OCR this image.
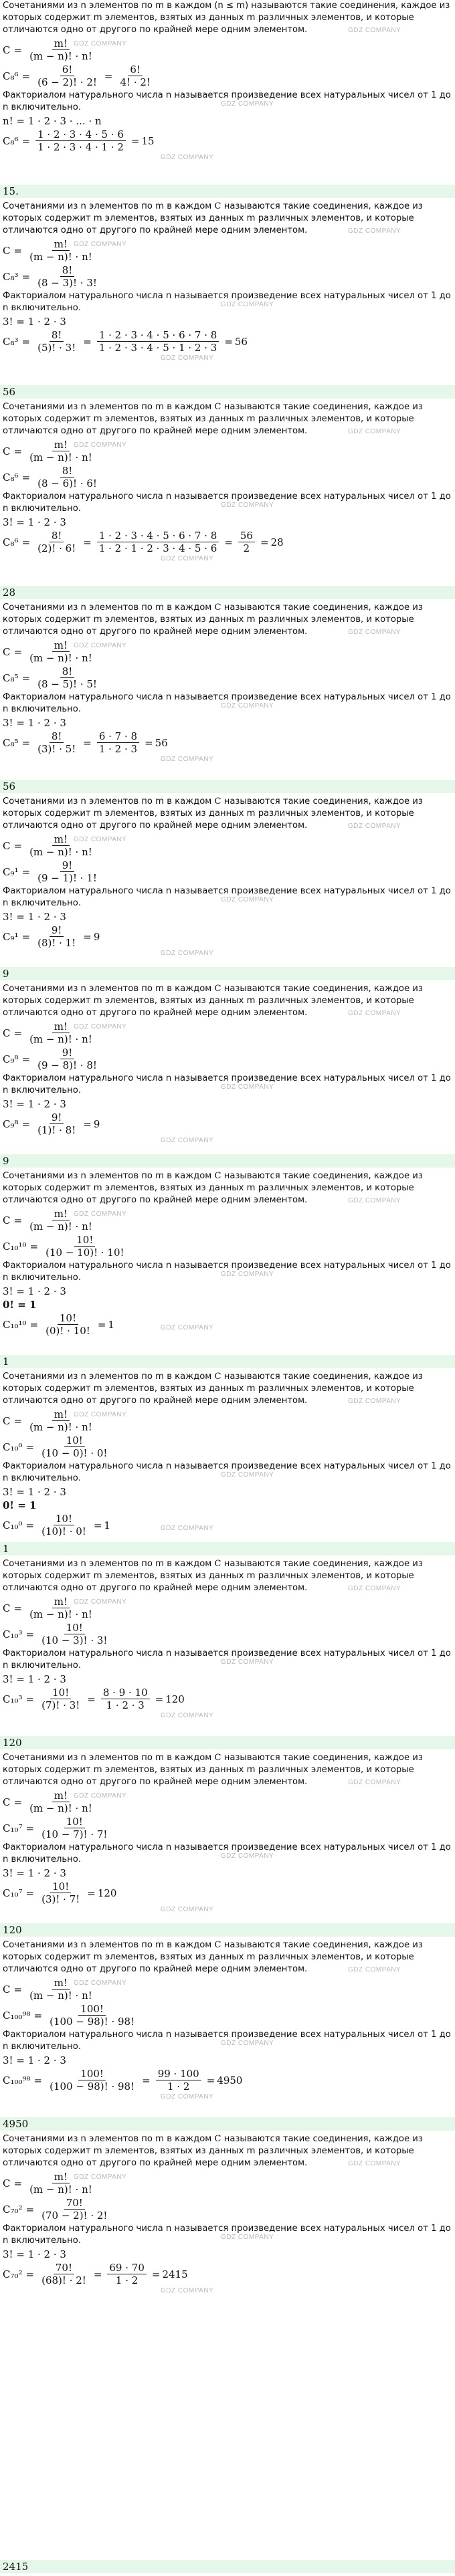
Сочетаниями из n элементов по m в каждом (n ≤ m) называются такие соединения, каждое из которых содержит m элементов, взятых из данных m различных элементов, и которые отличаются одно от другого по крайней мере одним элементом.

$C = \frac{m!}{(m - n)! \cdot n!}$
$C_8^6 = \frac{6!}{(6 - 2)! \cdot 2!} = \frac{6!}{4! \cdot 2!}$

Факториалом натурального числа n называется произведение всех натуральных чисел от 1 до n включительно.

n! = 1 · 2 · 3 · ... · n
$C_8^6 = \frac{1 \cdot 2 \cdot 3 \cdot 4 \cdot 5 \cdot 6}{1 \cdot 2 \cdot 3 \cdot 4 \cdot 1 \cdot 2} = 15$
15.
GDZ COMPANY
GDZ COMPANY
GDZ COMPANY
GDZ COMPANY

Сочетаниями из n элементов по m в каждом C называются такие соединения, каждое из которых содержит m элементов, взятых из данных m различных элементов, и которые отличаются одно от другого по крайней мере одним элементом.

$C = \frac{m!}{(m - n)! \cdot n!}$
$C_8^3 = \frac{8!}{(8 - 3)! \cdot 3!}$

Факториалом натурального числа n называется произведение всех натуральных чисел от 1 до n включительно.

3! = 1 · 2 · 3
$C_8^3 = \frac{8!}{(5)! \cdot 3!} = \frac{1 \cdot 2 \cdot 3 \cdot 4 \cdot 5 \cdot 6 \cdot 7 \cdot 8}{1 \cdot 2 \cdot 3 \cdot 4 \cdot 5 \cdot 1 \cdot 2 \cdot 3} = 56$
56
GDZ COMPANY
GDZ COMPANY
GDZ COMPANY
GDZ COMPANY

Сочетаниями из n элементов по m в каждом C называются такие соединения, каждое из которых содержит m элементов, взятых из данных m различных элементов, и которые отличаются одно от другого по крайней мере одним элементом.

$C = \frac{m!}{(m - n)! \cdot n!}$
$C_8^6 = \frac{8!}{(8 - 6)! \cdot 6!}$

Факториалом натурального числа n называется произведение всех натуральных чисел от 1 до n включительно.

3! = 1 · 2 · 3
$C_8^6 = \frac{8!}{(2)! \cdot 6!} = \frac{1 \cdot 2 \cdot 3 \cdot 4 \cdot 5 \cdot 6 \cdot 7 \cdot 8}{1 \cdot 2 \cdot 1 \cdot 2 \cdot 3 \cdot 4 \cdot 5 \cdot 6} = \frac{56}{2} = 28$
28
GDZ COMPANY
GDZ COMPANY
GDZ COMPANY
GDZ COMPANY

Сочетаниями из n элементов по m в каждом C называются такие соединения, каждое из которых содержит m элементов, взятых из данных m различных элементов, и которые отличаются одно от другого по крайней мере одним элементом.

$C = \frac{m!}{(m - n)! \cdot n!}$
$C_8^5 = \frac{8!}{(8 - 5)! \cdot 5!}$

Факториалом натурального числа n называется произведение всех натуральных чисел от 1 до n включительно.

3! = 1 · 2 · 3
$C_8^5 = \frac{8!}{(3)! \cdot 5!} = \frac{6 \cdot 7 \cdot 8}{1 \cdot 2 \cdot 3} = 56$
56
GDZ COMPANY
GDZ COMPANY
GDZ COMPANY
GDZ COMPANY

Сочетаниями из n элементов по m в каждом C называются такие соединения, каждое из которых содержит m элементов, взятых из данных m различных элементов, и которые отличаются одно от другого по крайней мере одним элементом.

$C = \frac{m!}{(m - n)! \cdot n!}$
$C_9^1 = \frac{9!}{(9 - 1)! \cdot 1!}$

Факториалом натурального числа n называется произведение всех натуральных чисел от 1 до n включительно.

3! = 1 · 2 · 3
$C_9^1 = \frac{9!}{(8)! \cdot 1!} = 9$
9
GDZ COMPANY
GDZ COMPANY
GDZ COMPANY
GDZ COMPANY

Сочетаниями из n элементов по m в каждом C называются такие соединения, каждое из которых содержит m элементов, взятых из данных m различных элементов, и которые отличаются одно от другого по крайней мере одним элементом.

$C = \frac{m!}{(m - n)! \cdot n!}$
$C_9^8 = \frac{9!}{(9 - 8)! \cdot 8!}$

Факториалом натурального числа n называется произведение всех натуральных чисел от 1 до n включительно.

3! = 1 · 2 · 3
$C_9^8 = \frac{9!}{(1)! \cdot 8!} = 9$
9
GDZ COMPANY
GDZ COMPANY
GDZ COMPANY
GDZ COMPANY

Сочетаниями из n элементов по m в каждом C называются такие соединения, каждое из которых содержит m элементов, взятых из данных m различных элементов, и которые отличаются одно от другого по крайней мере одним элементом.

$C = \frac{m!}{(m - n)! \cdot n!}$
$C_{10}^{10} = \frac{10!}{(10 - 10)! \cdot 10!}$

Факториалом натурального числа n называется произведение всех натуральных чисел от 1 до n включительно.

3! = 1 · 2 · 3
0! = 1
$C_{10}^{10} = \frac{10!}{(0)! \cdot 10!} = 1$
1
GDZ COMPANY
GDZ COMPANY
GDZ COMPANY
GDZ COMPANY

Сочетаниями из n элементов по m в каждом C называются такие соединения, каждое из которых содержит m элементов, взятых из данных m различных элементов, и которые отличаются одно от другого по крайней мере одним элементом.

$C = \frac{m!}{(m - n)! \cdot n!}$
$C_{10}^0 = \frac{10!}{(10 - 0)! \cdot 0!}$

Факториалом натурального числа n называется произведение всех натуральных чисел от 1 до n включительно.

3! = 1 · 2 · 3
0! = 1
$C_{10}^0 = \frac{10!}{(10)! \cdot 0!} = 1$
1
GDZ COMPANY
GDZ COMPANY
GDZ COMPANY
GDZ COMPANY

Сочетаниями из n элементов по m в каждом C называются такие соединения, каждое из которых содержит m элементов, взятых из данных m различных элементов, и которые отличаются одно от другого по крайней мере одним элементом.

$C = \frac{m!}{(m - n)! \cdot n!}$
$C_{10}^3 = \frac{10!}{(10 - 3)! \cdot 3!}$

Факториалом натурального числа n называется произведение всех натуральных чисел от 1 до n включительно.

3! = 1 · 2 · 3
$C_{10}^3 = \frac{10!}{(7)! \cdot 3!} = \frac{8 \cdot 9 \cdot 10}{1 \cdot 2 \cdot 3} = 120$
120
GDZ COMPANY
GDZ COMPANY
GDZ COMPANY
GDZ COMPANY

Сочетаниями из n элементов по m в каждом C называются такие соединения, каждое из которых содержит m элементов, взятых из данных m различных элементов, и которые отличаются одно от другого по крайней мере одним элементом.

$C = \frac{m!}{(m - n)! \cdot n!}$
$C_{10}^7 = \frac{10!}{(10 - 7)! \cdot 7!}$

Факториалом натурального числа n называется произведение всех натуральных чисел от 1 до n включительно.

3! = 1 · 2 · 3
$C_{10}^7 = \frac{10!}{(3)! \cdot 7!} = 120$
120
GDZ COMPANY
GDZ COMPANY
GDZ COMPANY
GDZ COMPANY

Сочетаниями из n элементов по m в каждом C называются такие соединения, каждое из которых содержит m элементов, взятых из данных m различных элементов, и которые отличаются одно от другого по крайней мере одним элементом.

$C = \frac{m!}{(m - n)! \cdot n!}$
$C_{100}^{98} = \frac{100!}{(100 - 98)! \cdot 98!}$

Факториалом натурального числа n называется произведение всех натуральных чисел от 1 до n включительно.

3! = 1 · 2 · 3
$C_{100}^{98} = \frac{100!}{(100 - 98)! \cdot 98!} = \frac{99 \cdot 100}{1 \cdot 2} = 4950$
4950
GDZ COMPANY
GDZ COMPANY
GDZ COMPANY
GDZ COMPANY

Сочетаниями из n элементов по m в каждом C называются такие соединения, каждое из которых содержит m элементов, взятых из данных m различных элементов, и которые отличаются одно от другого по крайней мере одним элементом.

$C = \frac{m!}{(m - n)! \cdot n!}$
$C_{70}^2 = \frac{70!}{(70 - 2)! \cdot 2!}$

Факториалом натурального числа n называется произведение всех натуральных чисел от 1 до n включительно.

3! = 1 · 2 · 3
$C_{70}^2 = \frac{70!}{(68)! \cdot 2!} = \frac{69 \cdot 70}{1 \cdot 2} = 2415$
2415
GDZ COMPANY
GDZ COMPANY
GDZ COMPANY
GDZ COMPANY
